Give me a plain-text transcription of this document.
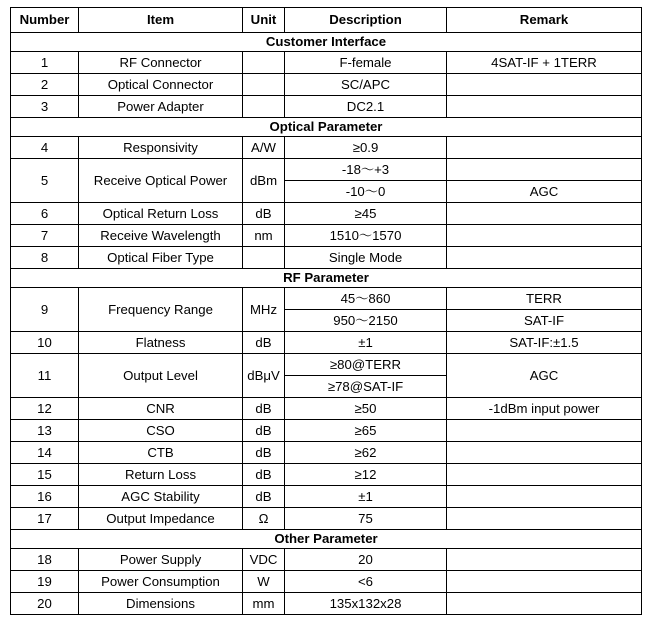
Number	Item	Unit	Description	Remark
Customer Interface				
1	RF Connector		F-female	4SAT-IF + 1TERR
2	Optical Connector		SC/APC	
3	Power Adapter		DC2.1	
Optical Parameter				
4	Responsivity	A/W	≥0.9	
5	Receive Optical Power	dBm	-18～+3	
			-10～0	AGC
6	Optical Return Loss	dB	≥45	
7	Receive Wavelength	nm	1510～1570	
8	Optical Fiber Type		Single Mode	
RF Parameter				
9	Frequency Range	MHz	45～860	TERR
			950～2150	SAT-IF
10	Flatness	dB	±1	SAT-IF:±1.5
11	Output Level	dBμV	≥80@TERR	AGC
			≥78@SAT-IF	
12	CNR	dB	≥50	-1dBm input power
13	CSO	dB	≥65	
14	CTB	dB	≥62	
15	Return Loss	dB	≥12	
16	AGC Stability	dB	±1	
17	Output Impedance	Ω	75	
Other Parameter				
18	Power Supply	VDC	20	
19	Power Consumption	W	<6	
20	Dimensions	mm	135x132x28	
